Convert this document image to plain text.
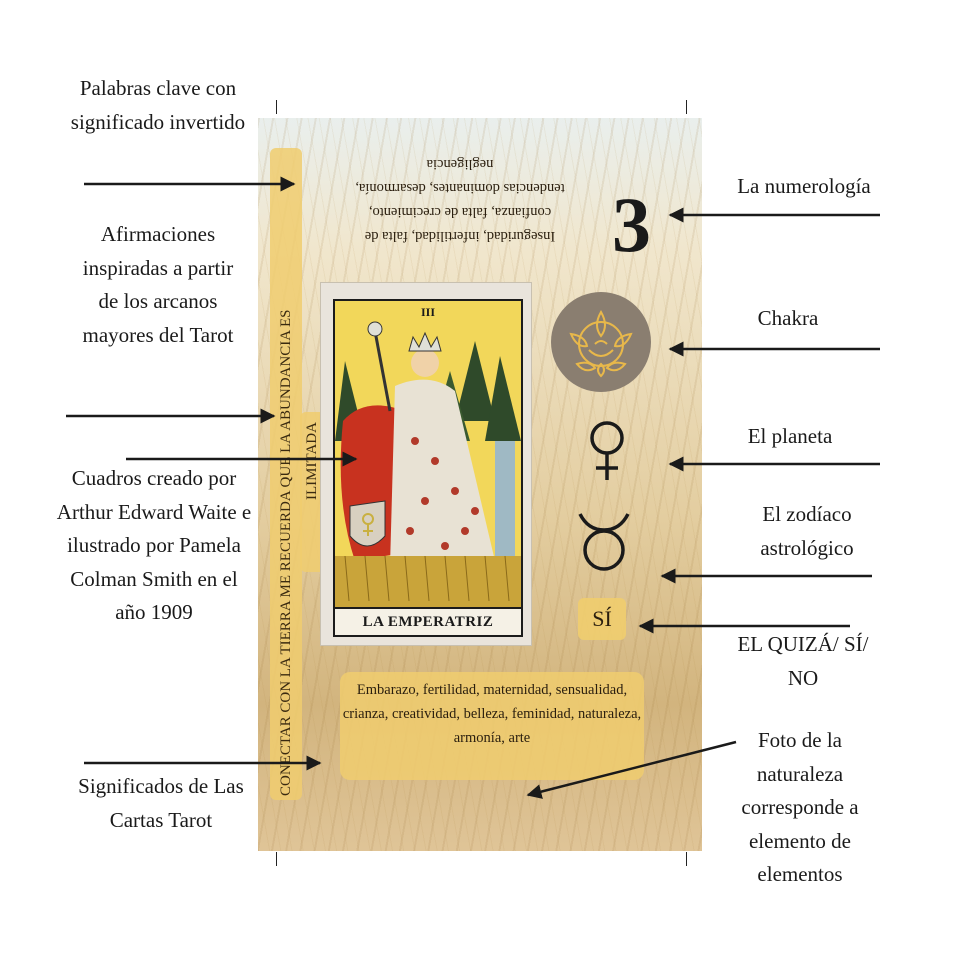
CONECTAR CON LA TIERRA ME RECUERDA QUE LA ABUNDANCIA ES ILIMITADA
Inseguridad, infertilidad, falta de confianza, falta de crecimiento, tendencias dominantes, desarmonía, negligencia
III
LA EMPERATRIZ
Embarazo, fertilidad, maternidad, sensualidad, crianza, creatividad, belleza, feminidad, naturaleza, armonía, arte
3
SÍ
Palabras clave con significado invertido
Afirmaciones inspiradas a partir de los arcanos mayores del Tarot
Cuadros creado por Arthur Edward Waite e ilustrado por Pamela Colman Smith en el año 1909
Significados de Las Cartas Tarot
La numerología
Chakra
El planeta
El zodíaco astrológico
EL QUIZÁ/ SÍ/ NO
Foto de la naturaleza corresponde a elemento de elementos
